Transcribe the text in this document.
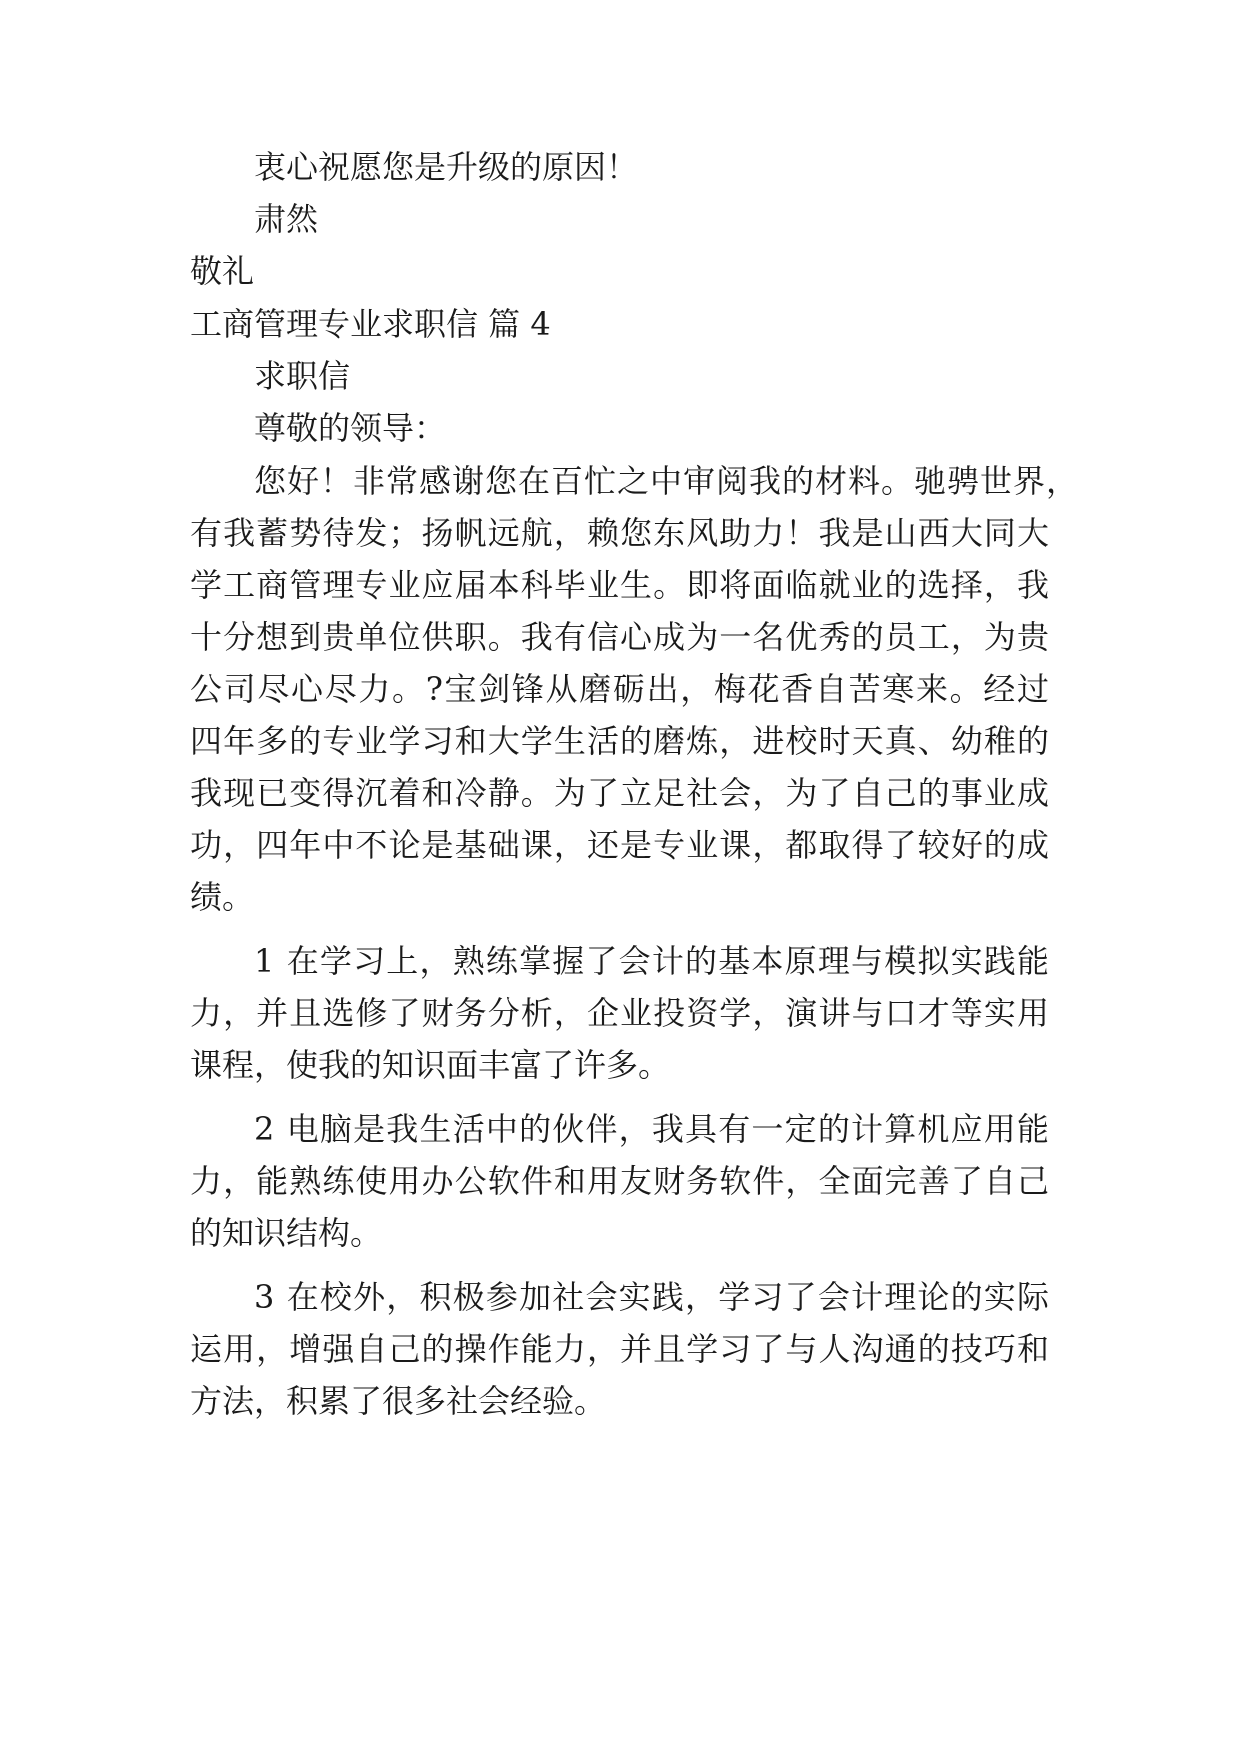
衷心祝愿您是升级的原因！

肃然

敬礼

工商管理专业求职信 篇 4

求职信

尊敬的领导：

您好！非常感谢您在百忙之中审阅我的材料。驰骋世界，

有我蓄势待发；扬帆远航，赖您东风助力！我是山西大同大

学工商管理专业应届本科毕业生。即将面临就业的选择，我

十分想到贵单位供职。我有信心成为一名优秀的员工，为贵

公司尽心尽力。?宝剑锋从磨砺出，梅花香自苦寒来。经过

四年多的专业学习和大学生活的磨炼，进校时天真、幼稚的

我现已变得沉着和冷静。为了立足社会，为了自己的事业成

功，四年中不论是基础课，还是专业课，都取得了较好的成

绩。

1 在学习上，熟练掌握了会计的基本原理与模拟实践能

力，并且选修了财务分析，企业投资学，演讲与口才等实用

课程，使我的知识面丰富了许多。

2 电脑是我生活中的伙伴，我具有一定的计算机应用能

力，能熟练使用办公软件和用友财务软件，全面完善了自己

的知识结构。

3 在校外，积极参加社会实践，学习了会计理论的实际

运用，增强自己的操作能力，并且学习了与人沟通的技巧和

方法，积累了很多社会经验。
